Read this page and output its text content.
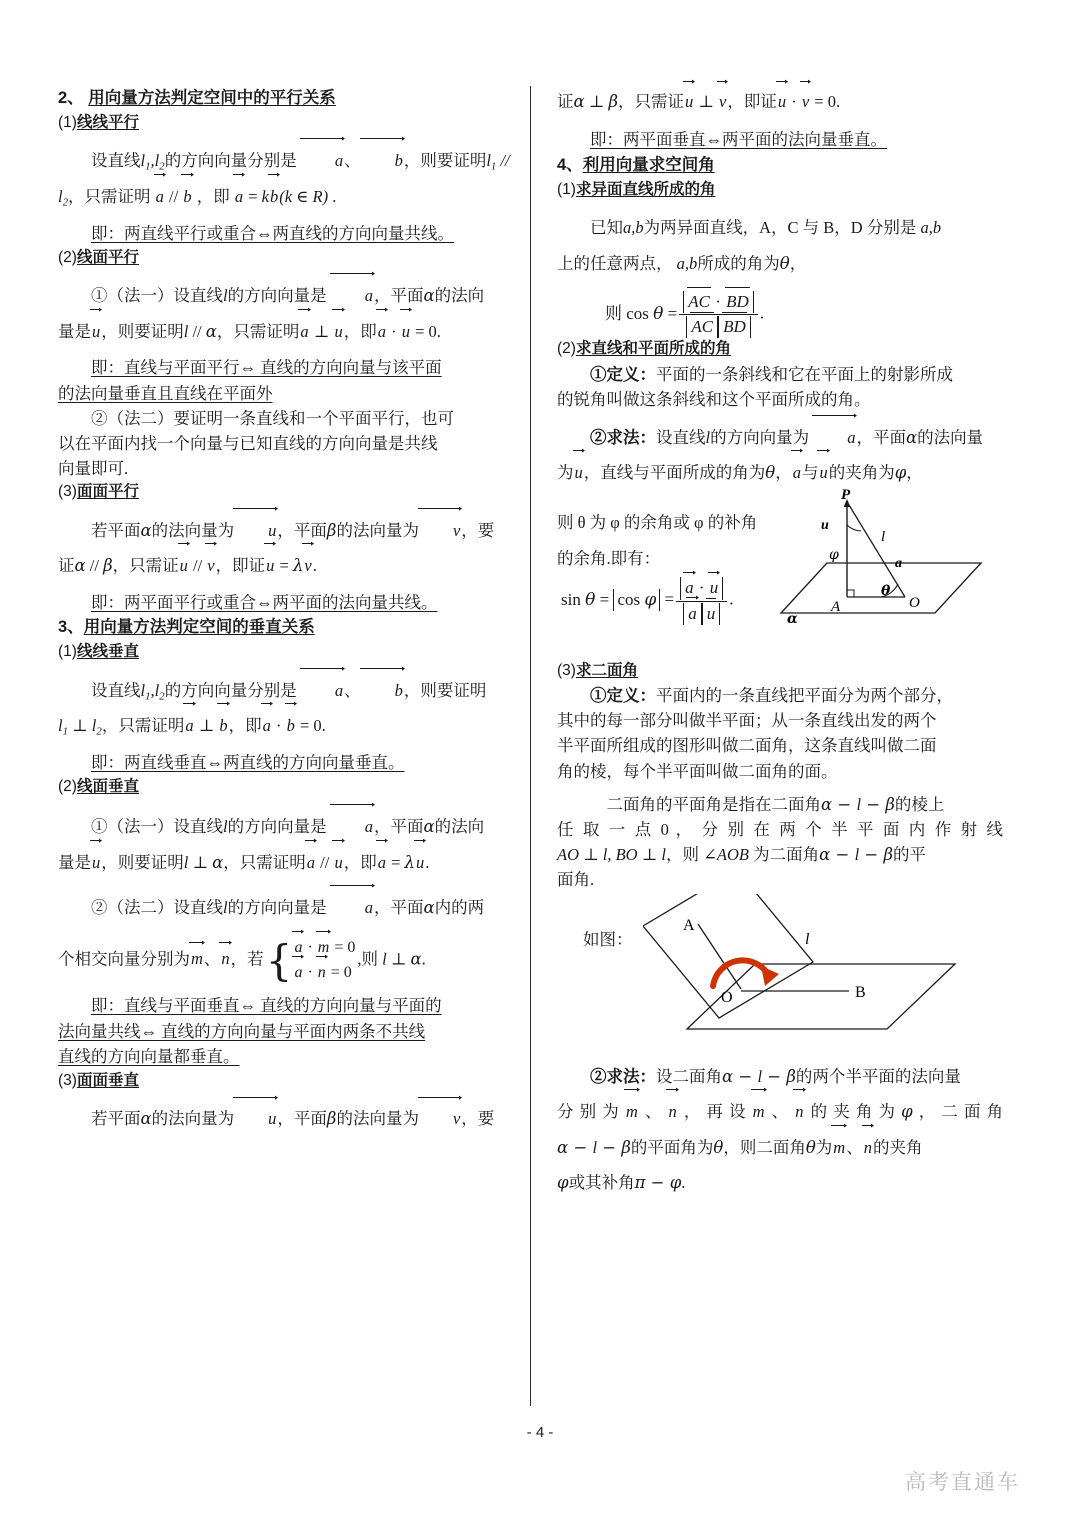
2、 用向量方法判定空间中的平行关系
(1)线线平行

设直线$l_1,l_2$的方向向量分别是 a、 b，则要证明$l_1$ //

$l_2$，只需证明 a // b ，即 a = kb(k ∈ R) .

即：两直线平行或重合⇔两直线的方向向量共线。

(2)线面平行

①（法一）设直线l的方向向量是 a，平面α的法向

量是u，则要证明l // α，只需证明a ⊥ u，即a · u = 0.

即：直线与平面平行⇔ 直线的方向向量与该平面

的法向量垂直且直线在平面外

②（法二）要证明一条直线和一个平面平行，也可

以在平面内找一个向量与已知直线的方向向量是共线

向量即可.

(3)面面平行

若平面α的法向量为 u，平面β的法向量为 v，要

证α // β，只需证u // v，即证u = λv.

即：两平面平行或重合⇔两平面的法向量共线。

3、用向量方法判定空间的垂直关系
(1)线线垂直

设直线$l_1,l_2$的方向向量分别是 a、 b，则要证明

$l_1$ ⊥ $l_2$，只需证明a ⊥ b，即a · b = 0.

即：两直线垂直⇔两直线的方向向量垂直。

(2)线面垂直

①（法一）设直线l的方向向量是 a，平面α的法向

量是u，则要证明l ⊥ α，只需证明a // u，即a = λu.

②（法二）设直线l的方向向量是 a，平面α内的两

个相交向量分别为m、n，若 { a · m = 0
a · n = 0
,则 l ⊥ α.

即：直线与平面垂直⇔ 直线的方向向量与平面的

法向量共线⇔ 直线的方向向量与平面内两条不共线

直线的方向向量都垂直。

(3)面面垂直

若平面α的法向量为 u，平面β的法向量为 v，要

证α ⊥ β，只需证u ⊥ v，即证u · v = 0.

即：两平面垂直⇔两平面的法向量垂直。

4、利用向量求空间角
(1)求异面直线所成的角

已知a,b为两异面直线，A，C 与 B，D 分别是 a,b

上的任意两点， a,b所成的角为θ，

则 $\cos \theta = \frac{AC \cdot BD}{\text{AC BD}}$ .

(2)求直线和平面所成的角

①定义：平面的一条斜线和它在平面上的射影所成

的锐角叫做这条斜线和这个平面所成的角。

②求法：设直线l的方向向量为 a，平面α的法向量

为u，直线与平面所成的角为θ，a与u的夹角为φ，

则 θ 为 φ 的余角或 φ 的补角

的余角.即有：

$\sin \theta = \cos \varphi = \frac{a \cdot u}{\text{a u}}$ .

P
u
φ
l
a
θ
O
A
α
(3)求二面角

①定义：平面内的一条直线把平面分为两个部分，

其中的每一部分叫做半平面；从一条直线出发的两个

半平面所组成的图形叫做二面角，这条直线叫做二面

角的棱，每个半平面叫做二面角的面。

二面角的平面角是指在二面角α − l − β的棱上

任 取 一 点 0 ， 分 别 在 两 个 半 平 面 内 作 射 线

AO ⊥ l, BO ⊥ l，则 ∠AOB 为二面角α − l − β的平

面角.

如图：
A
l
O	B

②求法：设二面角α − l − β的两个半平面的法向量

分别为m、n，再设m、n的夹角为φ，二面角

α − l − β的平面角为θ，则二面角θ为m、n的夹角

φ或其补角π − φ.

- 4 -
高考直通车
